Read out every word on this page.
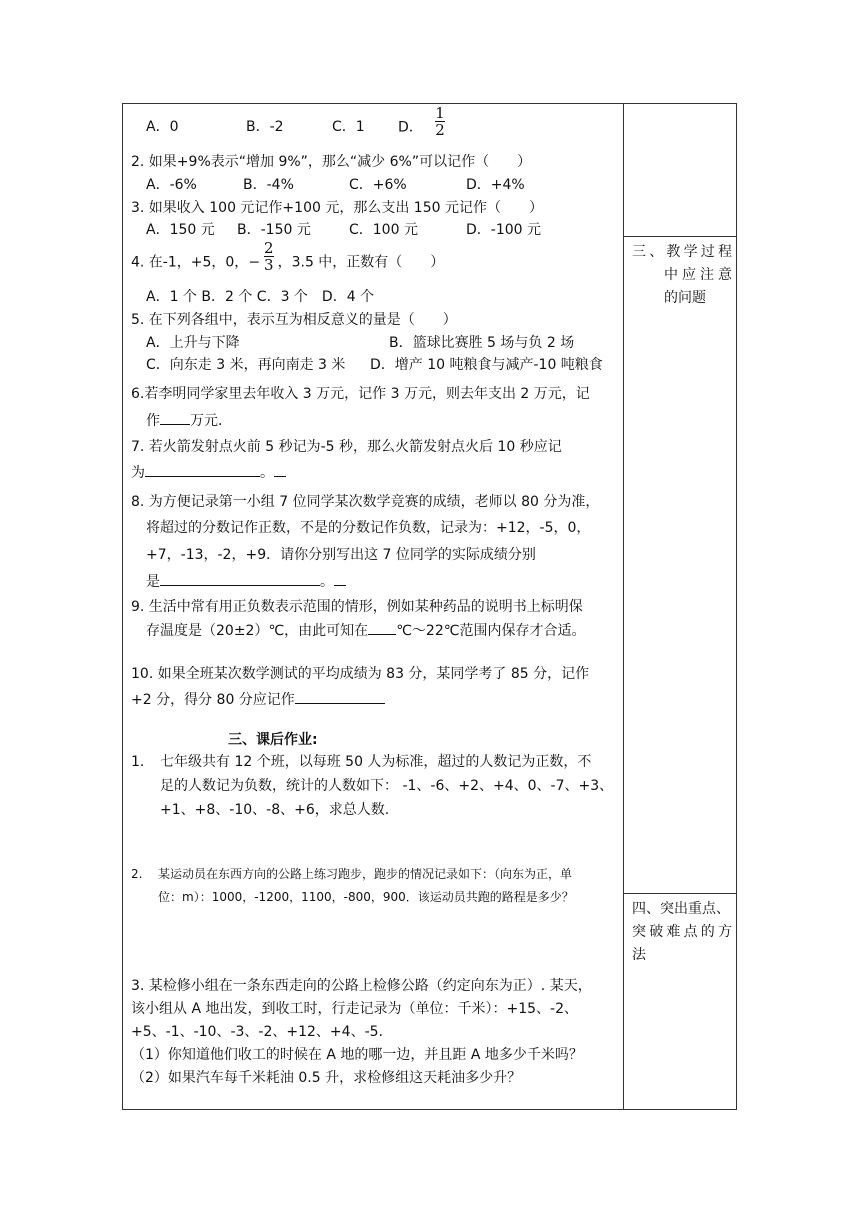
三、教学过程
中应注意
的问题
四、突出重点、
突破难点的方
法
A．0	B．-2	C．1 D． $\frac{1}{2}$
2. 如果+9%表示“增加 9%”，那么“减少 6%”可以记作（　　）
A．-6%	B．-4%	C．+6%	D．+4%
3. 如果收入 100 元记作+100 元，那么支出 150 元记作（　　）
A．150 元 B．-150 元	C．100 元	D．-100 元
4. 在-1，+5，0，− $\frac{2}{3}$ ，3.5 中，正数有（　　）
A．1 个 B．2 个 C．3 个　D．4 个
5. 在下列各组中，表示互为相反意义的量是（　　）
A．上升与下降	B．篮球比赛胜 5 场与负 2 场
C．向东走 3 米，再向南走 3 米 D．增产 10 吨粮食与减产-10 吨粮食
6.若李明同学家里去年收入 3 万元，记作 3 万元，则去年支出 2 万元，记
作 万元.
7. 若火箭发射点火前 5 秒记为-5 秒，那么火箭发射点火后 10 秒应记
为	。
8. 为方便记录第一小组 7 位同学某次数学竞赛的成绩，老师以 80 分为准，
将超过的分数记作正数，不是的分数记作负数，记录为：+12，-5，0，
+7，-13，-2，+9．请你分别写出这 7 位同学的实际成绩分别
是	。
9. 生活中常有用正负数表示范围的情形，例如某种药品的说明书上标明保
存温度是（20±2）℃，由此可知在 ℃～22℃范围内保存才合适。
10. 如果全班某次数学测试的平均成绩为 83 分，某同学考了 85 分，记作
+2 分，得分 80 分应记作
三、课后作业:
1. 七年级共有 12 个班，以每班 50 人为标准，超过的人数记为正数，不
足的人数记为负数，统计的人数如下： -1、-6、+2、+4、0、-7、+3、
+1、+8、-10、-8、+6，求总人数.
2. 某运动员在东西方向的公路上练习跑步，跑步的情况记录如下：（向东为正，单
位：m）：1000，-1200，1100，-800，900．该运动员共跑的路程是多少？
3. 某检修小组在一条东西走向的公路上检修公路（约定向东为正）. 某天，
该小组从 A 地出发，到收工时，行走记录为（单位：千米）：+15、-2、
+5、-1、-10、-3、-2、+12、+4、-5.
（1）你知道他们收工的时候在 A 地的哪一边，并且距 A 地多少千米吗？
（2）如果汽车每千米耗油 0.5 升，求检修组这天耗油多少升？
